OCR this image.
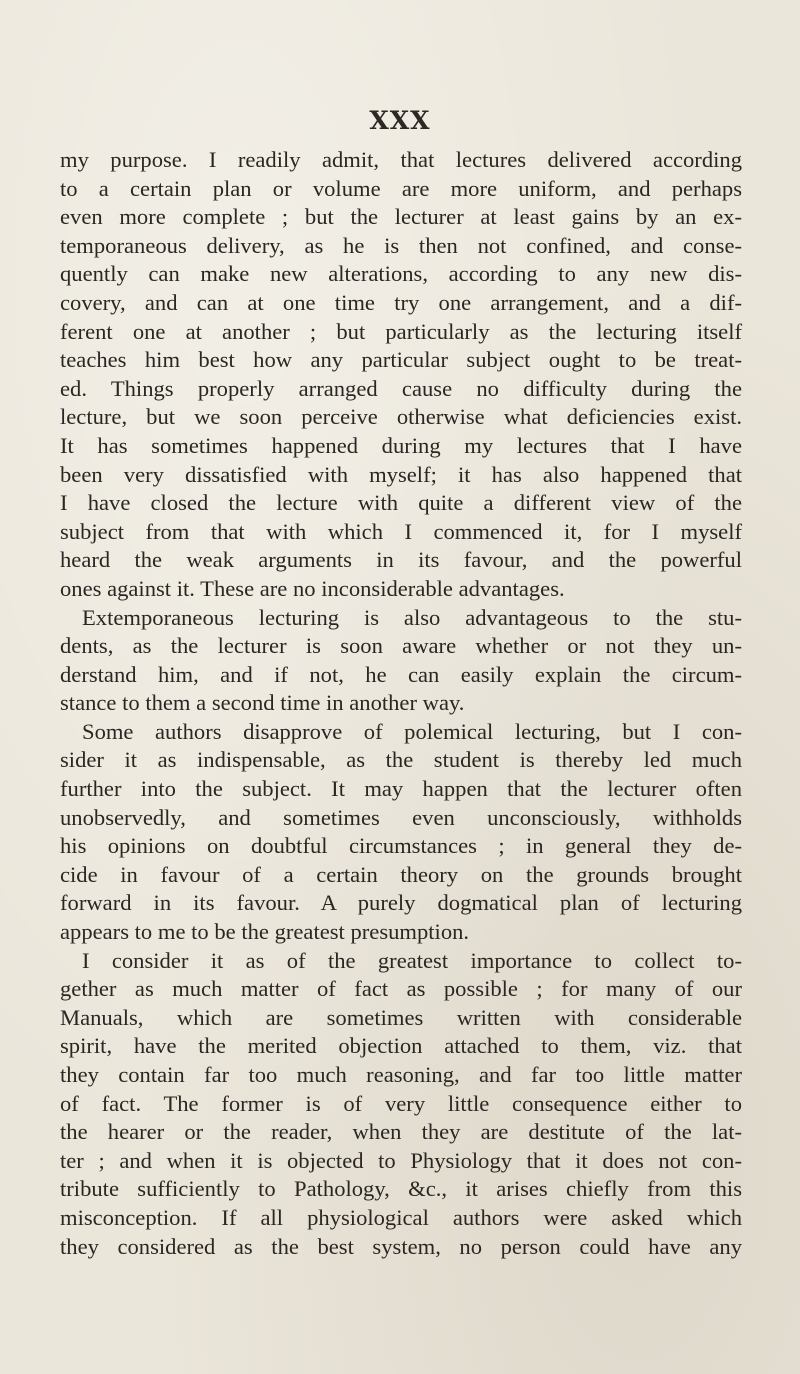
XXX
my purpose. I readily admit, that lectures delivered according
to a certain plan or volume are more uniform, and perhaps
even more complete ; but the lecturer at least gains by an ex-
temporaneous delivery, as he is then not confined, and conse-
quently can make new alterations, according to any new dis-
covery, and can at one time try one arrangement, and a dif-
ferent one at another ; but particularly as the lecturing itself
teaches him best how any particular subject ought to be treat-
ed. Things properly arranged cause no difficulty during the
lecture, but we soon perceive otherwise what deficiencies exist.
It has sometimes happened during my lectures that I have
been very dissatisfied with myself; it has also happened that
I have closed the lecture with quite a different view of the
subject from that with which I commenced it, for I myself
heard the weak arguments in its favour, and the powerful
ones against it. These are no inconsiderable advantages.
Extemporaneous lecturing is also advantageous to the stu-
dents, as the lecturer is soon aware whether or not they un-
derstand him, and if not, he can easily explain the circum-
stance to them a second time in another way.
Some authors disapprove of polemical lecturing, but I con-
sider it as indispensable, as the student is thereby led much
further into the subject. It may happen that the lecturer often
unobservedly, and sometimes even unconsciously, withholds
his opinions on doubtful circumstances ; in general they de-
cide in favour of a certain theory on the grounds brought
forward in its favour. A purely dogmatical plan of lecturing
appears to me to be the greatest presumption.
I consider it as of the greatest importance to collect to-
gether as much matter of fact as possible ; for many of our
Manuals, which are sometimes written with considerable
spirit, have the merited objection attached to them, viz. that
they contain far too much reasoning, and far too little matter
of fact. The former is of very little consequence either to
the hearer or the reader, when they are destitute of the lat-
ter ; and when it is objected to Physiology that it does not con-
tribute sufficiently to Pathology, &c., it arises chiefly from this
misconception. If all physiological authors were asked which
they considered as the best system, no person could have any
